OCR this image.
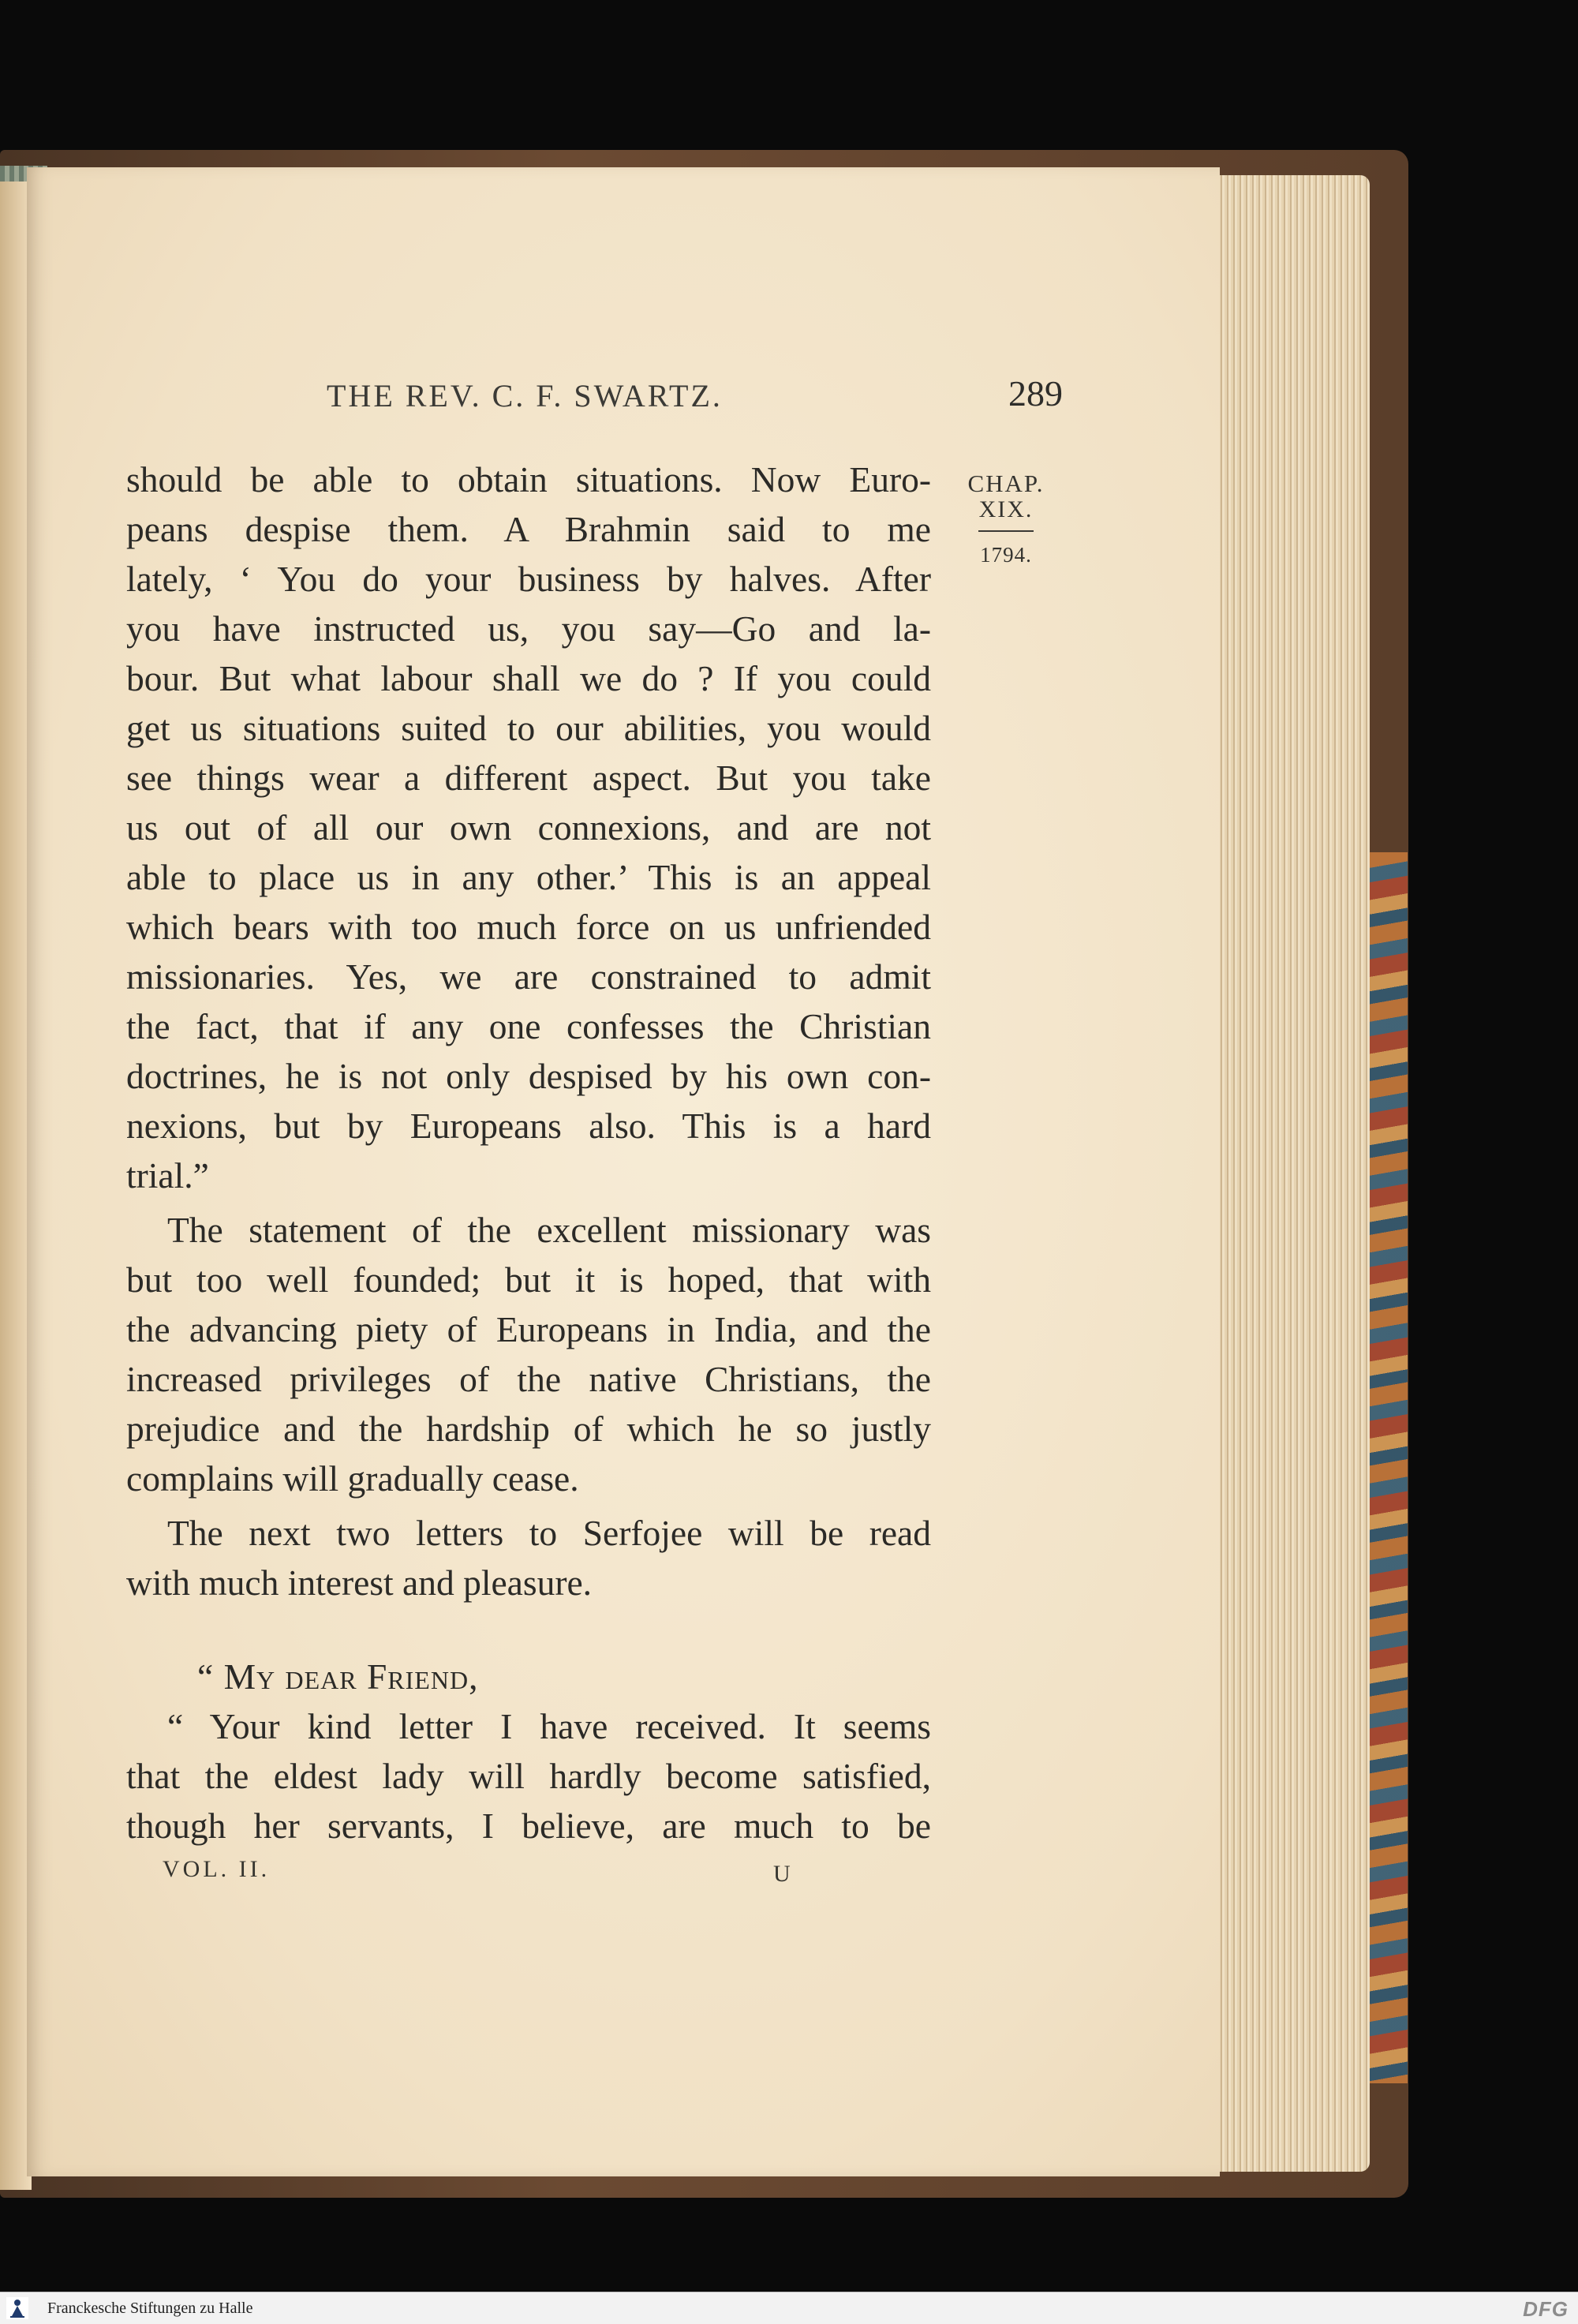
THE REV. C. F. SWARTZ.	289
CHAP.
XIX.
1794.
should be able to obtain situations. Now Euro-
peans despise them. A Brahmin said to me
lately, ‘ You do your business by halves. After
you have instructed us, you say—Go and la-
bour. But what labour shall we do ? If you could
get us situations suited to our abilities, you would
see things wear a different aspect. But you take
us out of all our own connexions, and are not
able to place us in any other.’ This is an appeal
which bears with too much force on us unfriended
missionaries. Yes, we are constrained to admit
the fact, that if any one confesses the Christian
doctrines, he is not only despised by his own con-
nexions, but by Europeans also. This is a hard
trial.”
The statement of the excellent missionary was
but too well founded; but it is hoped, that with
the advancing piety of Europeans in India, and the
increased privileges of the native Christians, the
prejudice and the hardship of which he so justly
complains will gradually cease.
The next two letters to Serfojee will be read
with much interest and pleasure.
“ My dear Friend,
“ Your kind letter I have received. It seems
that the eldest lady will hardly become satisfied,
though her servants, I believe, are much to be
VOL. II.	U
Franckesche Stiftungen zu Halle	DFG
